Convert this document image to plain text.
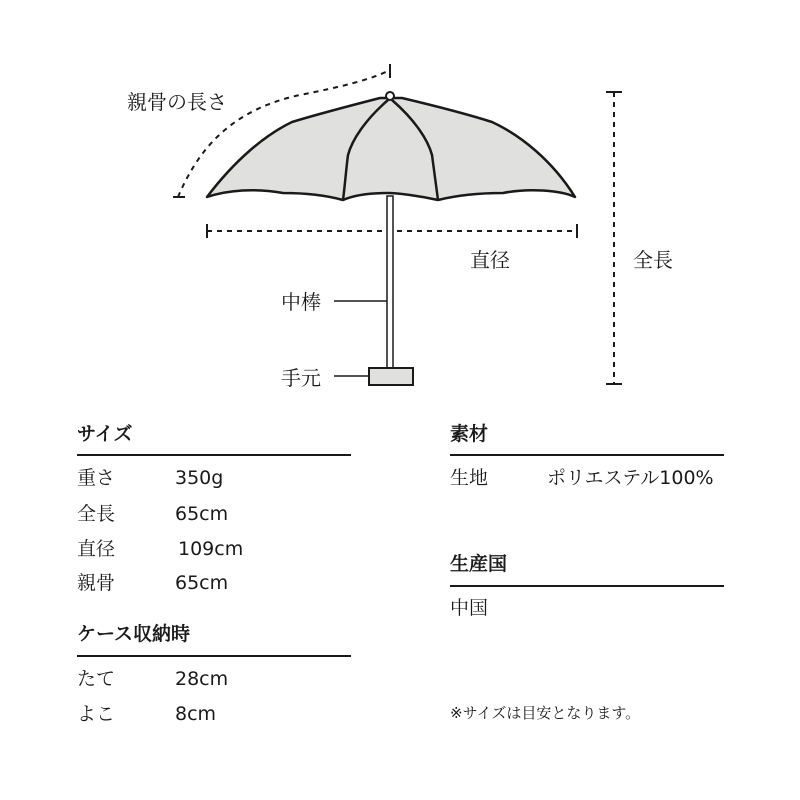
親骨の長さ
直径	全長
中棒
手元
サイズ
重さ	350g
全長	65cm
直径	109cm
親骨	65cm
ケース収納時
たて	28cm
よこ	8cm
素材
生地	ポリエステル100%
生産国
中国
※サイズは目安となります。
